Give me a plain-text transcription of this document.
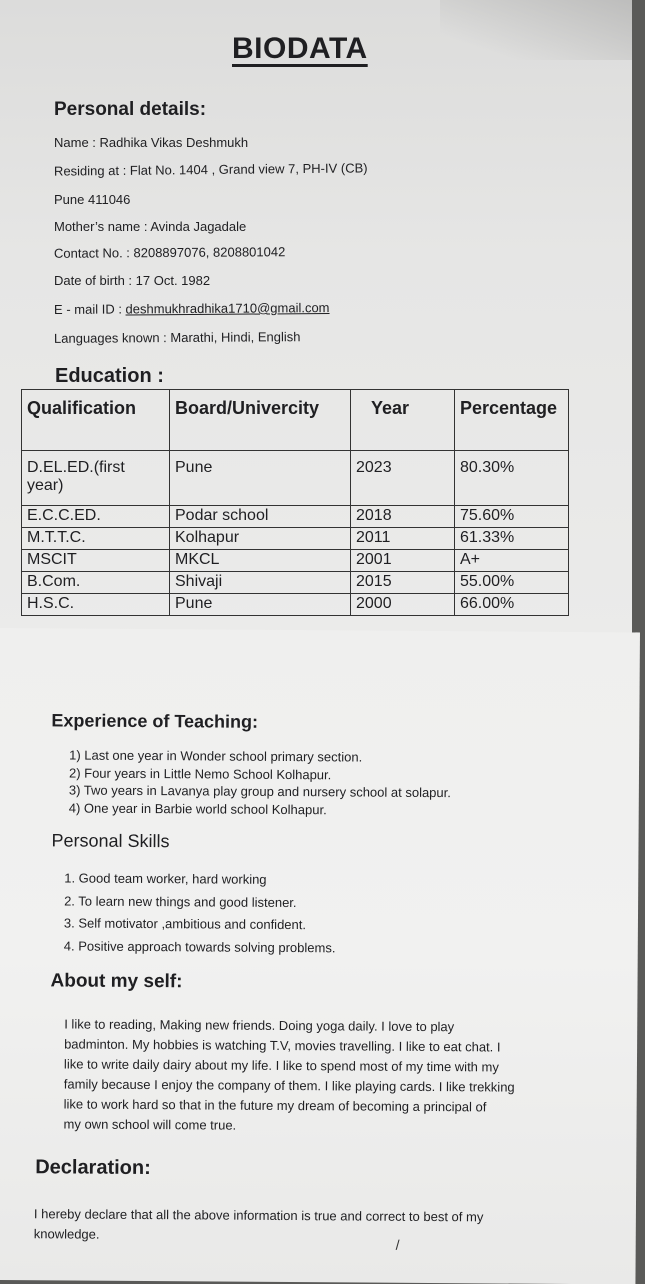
BIODATA
Personal details:
Name : Radhika Vikas Deshmukh
Residing at : Flat No. 1404 , Grand view 7, PH-IV (CB)
Pune 411046
Mother’s name : Avinda Jagadale
Contact No. : 8208897076, 8208801042
Date of birth : 17 Oct. 1982
E - mail ID : deshmukhradhika1710@gmail.com
Languages known : Marathi, Hindi, English
Education :
Qualification	Board/Univercity	Year	Percentage
D.EL.ED.(first year)	Pune	2023	80.30%
E.C.C.ED.	Podar school	2018	75.60%
M.T.T.C.	Kolhapur	2011	61.33%
MSCIT	MKCL	2001	A+
B.Com.	Shivaji	2015	55.00%
H.S.C.	Pune	2000	66.00%
Experience of Teaching:
1) Last one year in Wonder school primary section.
2) Four years in Little Nemo School Kolhapur.
3) Two years in Lavanya play group and nursery school at solapur.
4) One year in Barbie world school Kolhapur.
Personal Skills
1. Good team worker, hard working
2. To learn new things and good listener.
3. Self motivator ,ambitious and confident.
4. Positive approach towards solving problems.
About my self:
I like to reading, Making new friends. Doing yoga daily. I love to play
badminton. My hobbies is watching T.V, movies travelling. I like to eat chat. I
like to write daily dairy about my life. I like to spend most of my time with my
family because I enjoy the company of them. I like playing cards. I like trekking
like to work hard so that in the future my dream of becoming a principal of
my own school will come true.
Declaration:
I hereby declare that all the above information is true and correct to best of my
knowledge.
/
